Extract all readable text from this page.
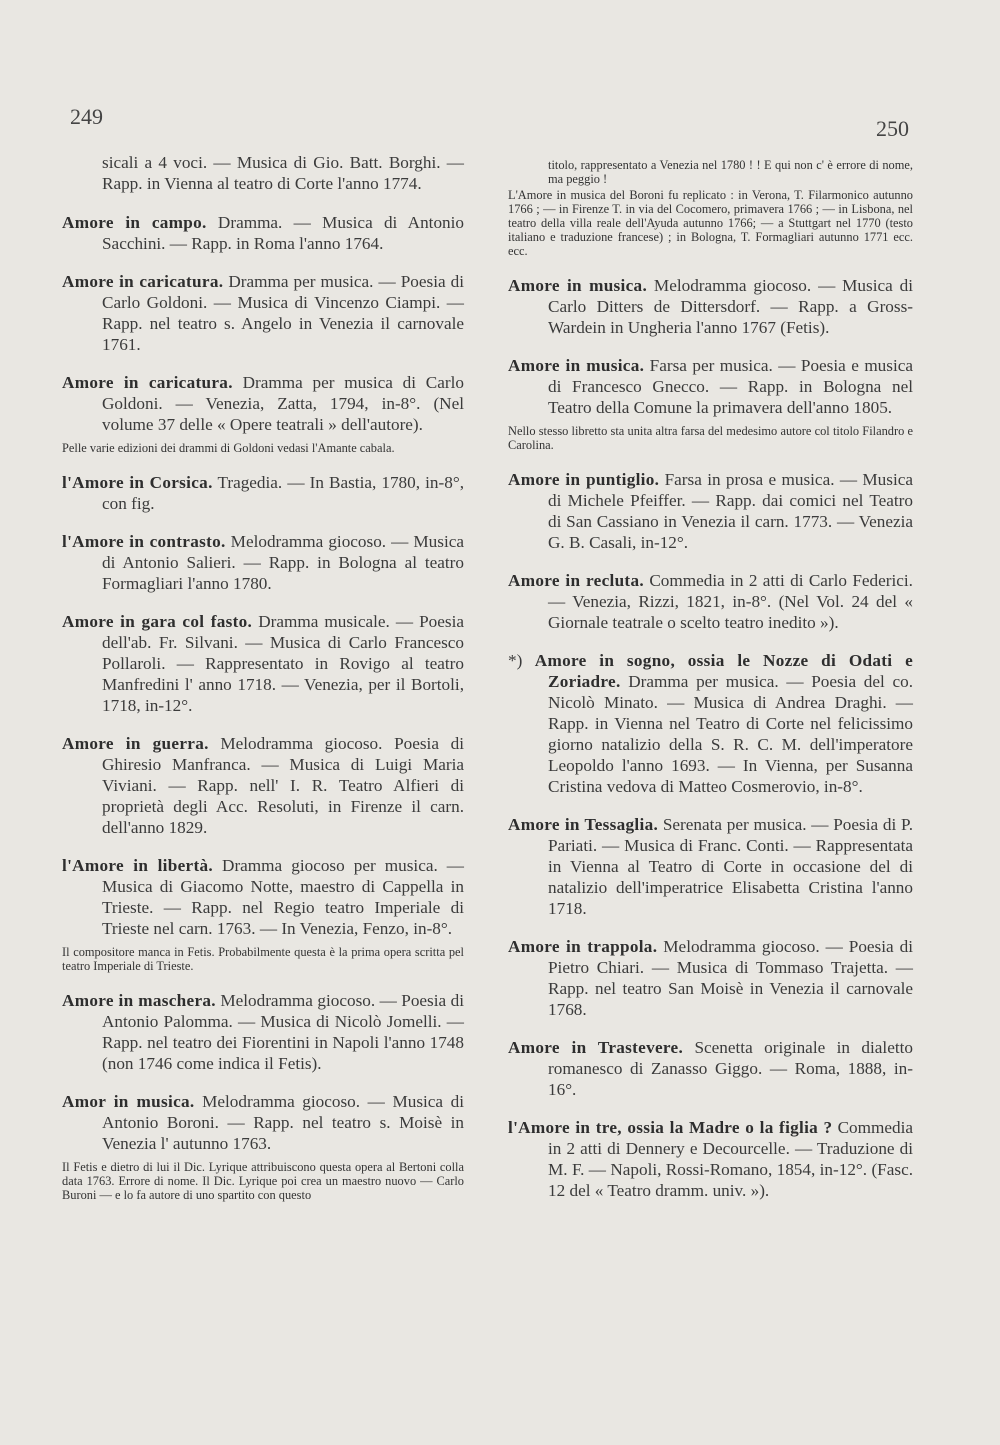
249	250

sicali a 4 voci. — Musica di Gio. Batt. Borghi. — Rapp. in Vienna al teatro di Corte l'anno 1774.

Amore in campo. Dramma. — Musica di Antonio Sacchini. — Rapp. in Roma l'anno 1764.

Amore in caricatura. Dramma per musica. — Poesia di Carlo Goldoni. — Musica di Vincenzo Ciampi. — Rapp. nel teatro s. Angelo in Venezia il carnovale 1761.

Amore in caricatura. Dramma per musica di Carlo Goldoni. — Venezia, Zatta, 1794, in-8°. (Nel volume 37 delle « Opere teatrali » dell'autore).

Pelle varie edizioni dei drammi di Goldoni vedasi l'Amante cabala.

l'Amore in Corsica. Tragedia. — In Bastia, 1780, in-8°, con fig.

l'Amore in contrasto. Melodramma giocoso. — Musica di Antonio Salieri. — Rapp. in Bologna al teatro Formagliari l'anno 1780.

Amore in gara col fasto. Dramma musicale. — Poesia dell'ab. Fr. Silvani. — Musica di Carlo Francesco Pollaroli. — Rappresentato in Rovigo al teatro Manfredini l' anno 1718. — Venezia, per il Bortoli, 1718, in-12°.

Amore in guerra. Melodramma giocoso. Poesia di Ghiresio Manfranca. — Musica di Luigi Maria Viviani. — Rapp. nell' I. R. Teatro Alfieri di proprietà degli Acc. Resoluti, in Firenze il carn. dell'anno 1829.

l'Amore in libertà. Dramma giocoso per musica. — Musica di Giacomo Notte, maestro di Cappella in Trieste. — Rapp. nel Regio teatro Imperiale di Trieste nel carn. 1763. — In Venezia, Fenzo, in-8°.

Il compositore manca in Fetis. Probabilmente questa è la prima opera scritta pel teatro Imperiale di Trieste.

Amore in maschera. Melodramma giocoso. — Poesia di Antonio Palomma. — Musica di Nicolò Jomelli. — Rapp. nel teatro dei Fiorentini in Napoli l'anno 1748 (non 1746 come indica il Fetis).

Amor in musica. Melodramma giocoso. — Musica di Antonio Boroni. — Rapp. nel teatro s. Moisè in Venezia l' autunno 1763.

Il Fetis e dietro di lui il Dic. Lyrique attribuiscono questa opera al Bertoni colla data 1763. Errore di nome. Il Dic. Lyrique poi crea un maestro nuovo — Carlo Buroni — e lo fa autore di uno spartito con questo

titolo, rappresentato a Venezia nel 1780 ! ! E qui non c' è errore di nome, ma peggio !

L'Amore in musica del Boroni fu replicato : in Verona, T. Filarmonico autunno 1766 ; — in Firenze T. in via del Cocomero, primavera 1766 ; — in Lisbona, nel teatro della villa reale dell'Ayuda autunno 1766; — a Stuttgart nel 1770 (testo italiano e traduzione francese) ; in Bologna, T. Formagliari autunno 1771 ecc. ecc.

Amore in musica. Melodramma giocoso. — Musica di Carlo Ditters de Dittersdorf. — Rapp. a Gross-Wardein in Ungheria l'anno 1767 (Fetis).

Amore in musica. Farsa per musica. — Poesia e musica di Francesco Gnecco. — Rapp. in Bologna nel Teatro della Comune la primavera dell'anno 1805.

Nello stesso libretto sta unita altra farsa del medesimo autore col titolo Filandro e Carolina.

Amore in puntiglio. Farsa in prosa e musica. — Musica di Michele Pfeiffer. — Rapp. dai comici nel Teatro di San Cassiano in Venezia il carn. 1773. — Venezia G. B. Casali, in-12°.

Amore in recluta. Commedia in 2 atti di Carlo Federici. — Venezia, Rizzi, 1821, in-8°. (Nel Vol. 24 del « Giornale teatrale o scelto teatro inedito »).

*) Amore in sogno, ossia le Nozze di Odati e Zoriadre. Dramma per musica. — Poesia del co. Nicolò Minato. — Musica di Andrea Draghi. — Rapp. in Vienna nel Teatro di Corte nel felicissimo giorno natalizio della S. R. C. M. dell'imperatore Leopoldo l'anno 1693. — In Vienna, per Susanna Cristina vedova di Matteo Cosmerovio, in-8°.

Amore in Tessaglia. Serenata per musica. — Poesia di P. Pariati. — Musica di Franc. Conti. — Rappresentata in Vienna al Teatro di Corte in occasione del di natalizio dell'imperatrice Elisabetta Cristina l'anno 1718.

Amore in trappola. Melodramma giocoso. — Poesia di Pietro Chiari. — Musica di Tommaso Trajetta. — Rapp. nel teatro San Moisè in Venezia il carnovale 1768.

Amore in Trastevere. Scenetta originale in dialetto romanesco di Zanasso Giggo. — Roma, 1888, in-16°.

l'Amore in tre, ossia la Madre o la figlia ? Commedia in 2 atti di Dennery e Decourcelle. — Traduzione di M. F. — Napoli, Rossi-Romano, 1854, in-12°. (Fasc. 12 del « Teatro dramm. univ. »).
